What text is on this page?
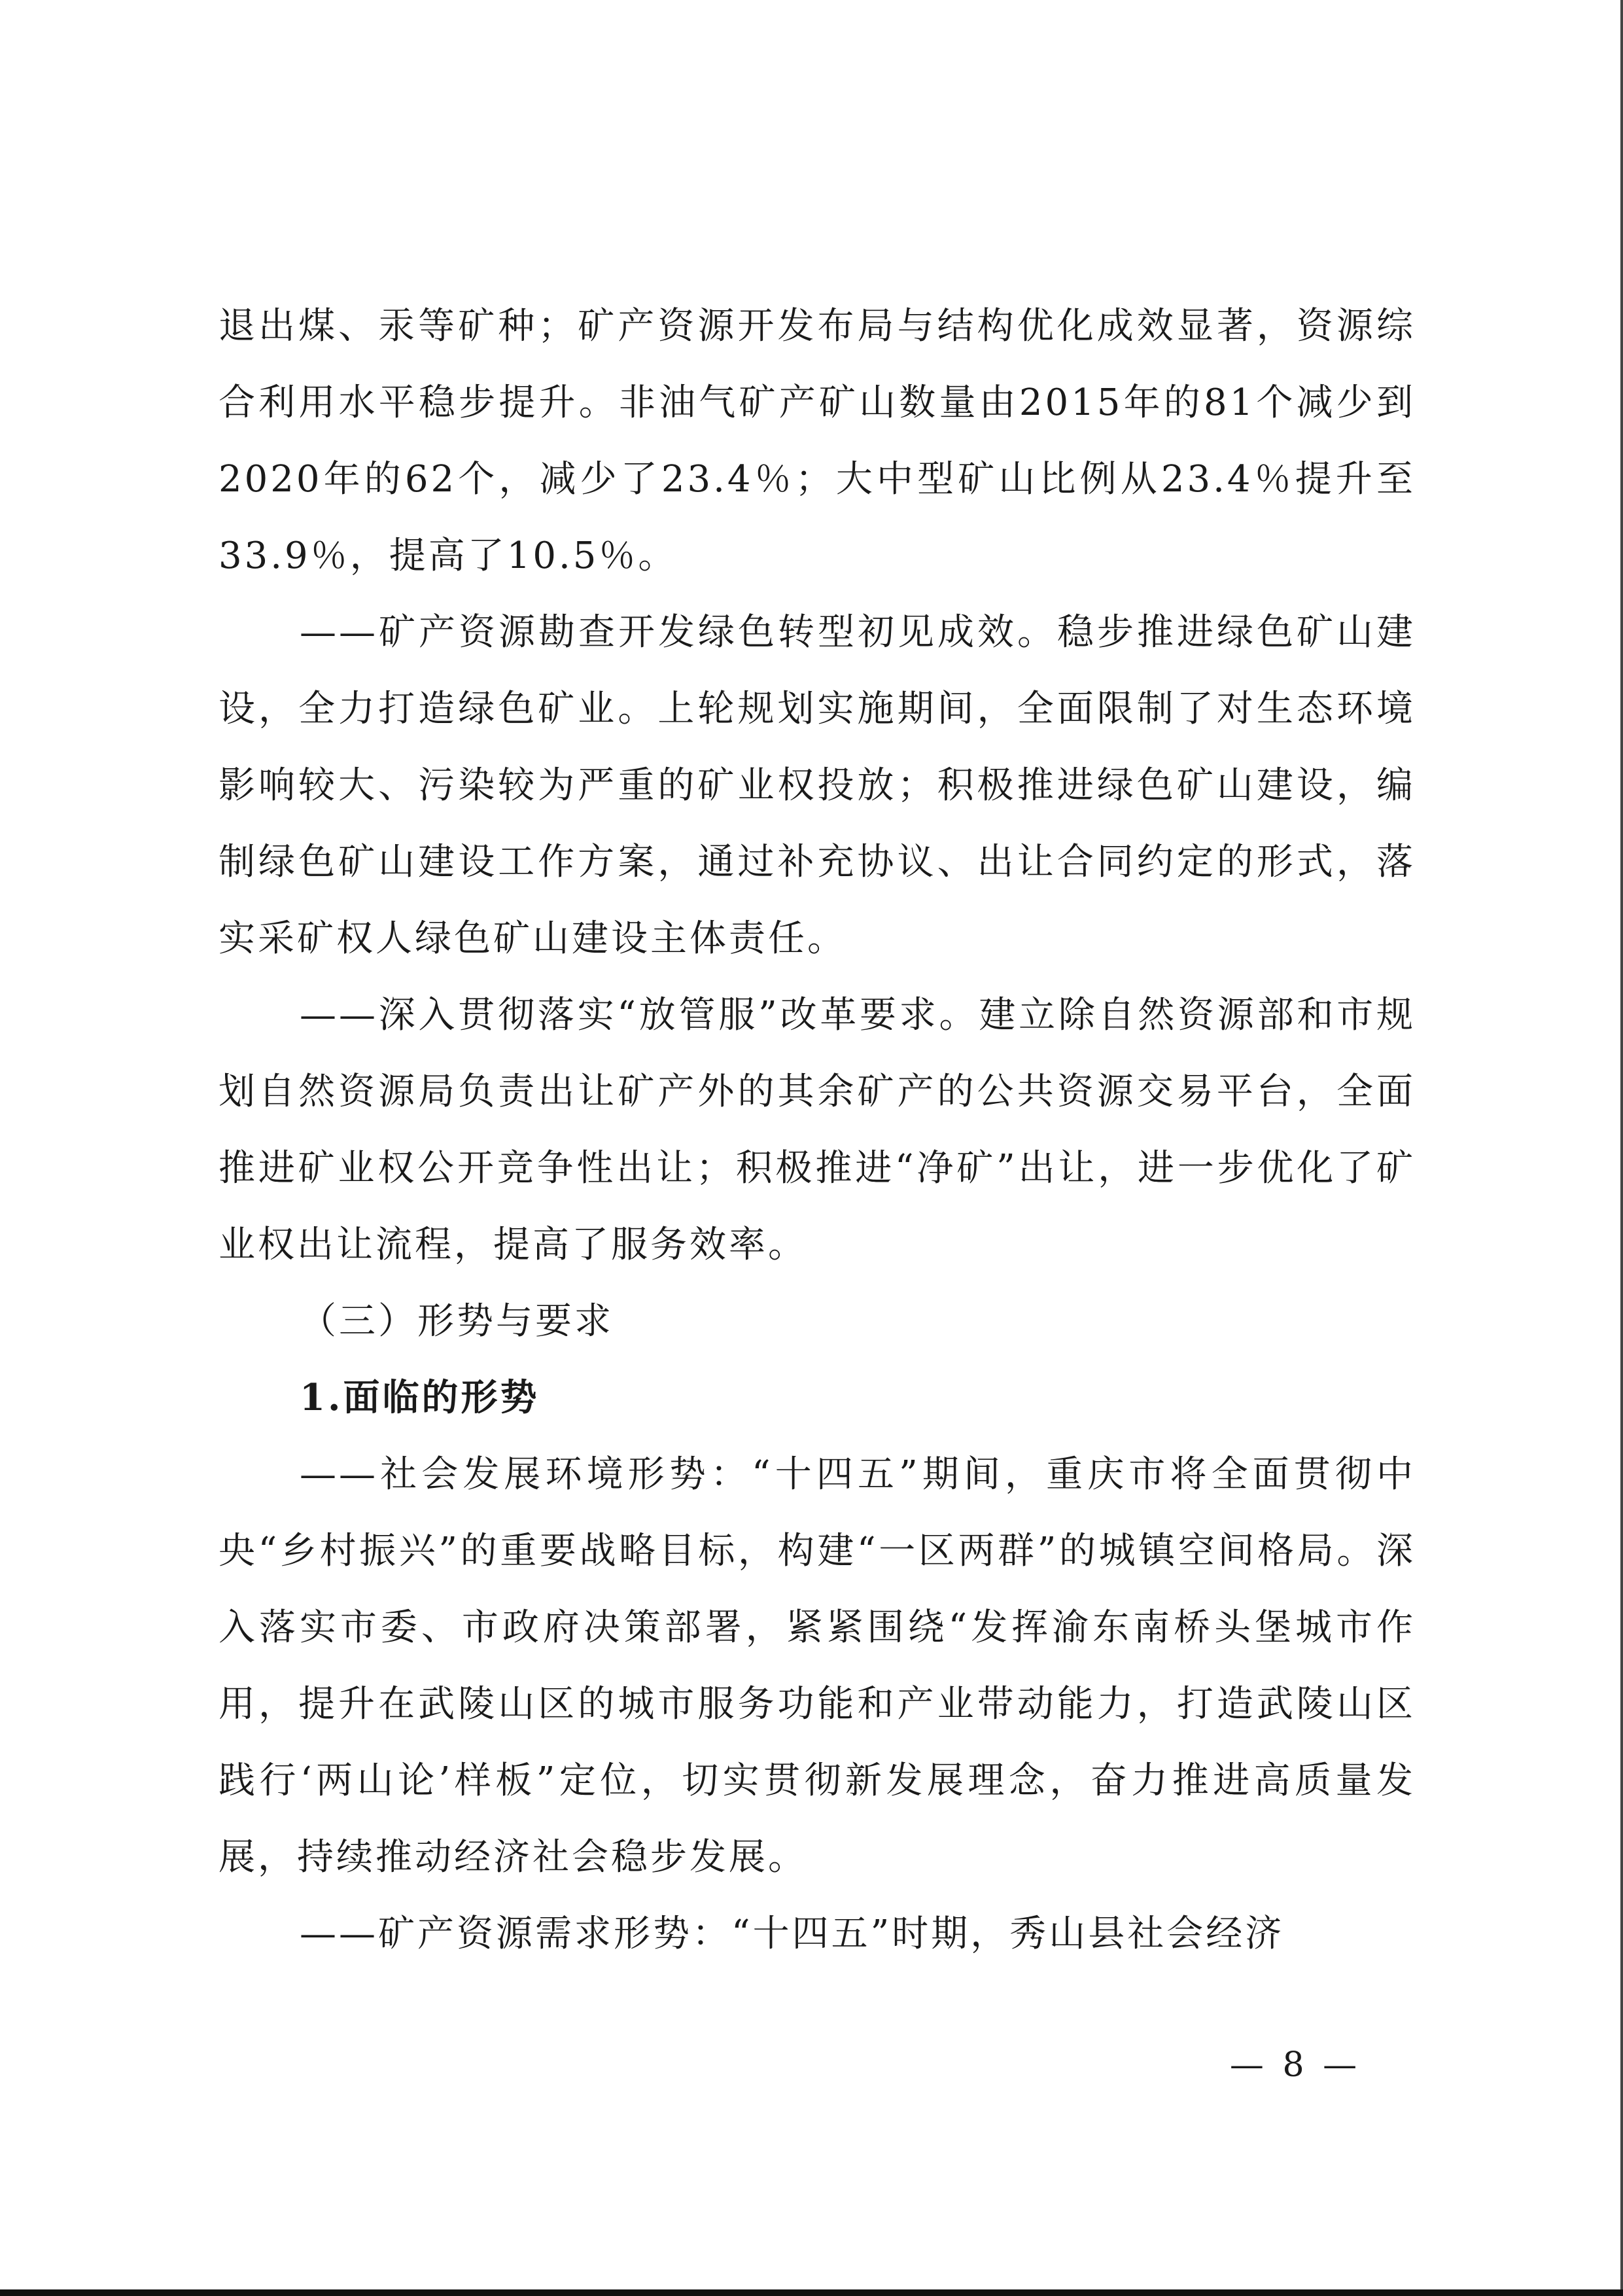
退出煤、汞等矿种；矿产资源开发布局与结构优化成效显著，资源综合利用水平稳步提升。非油气矿产矿山数量由2015年的81个减少到2020年的62个，减少了23.4％；大中型矿山比例从23.4％提升至33.9％，提高了10.5％。

——矿产资源勘查开发绿色转型初见成效。稳步推进绿色矿山建设，全力打造绿色矿业。上轮规划实施期间，全面限制了对生态环境影响较大、污染较为严重的矿业权投放；积极推进绿色矿山建设，编制绿色矿山建设工作方案，通过补充协议、出让合同约定的形式，落实采矿权人绿色矿山建设主体责任。

——深入贯彻落实“放管服”改革要求。建立除自然资源部和市规划自然资源局负责出让矿产外的其余矿产的公共资源交易平台，全面推进矿业权公开竞争性出让；积极推进“净矿”出让，进一步优化了矿业权出让流程，提高了服务效率。

（三）形势与要求

1.面临的形势

——社会发展环境形势：“十四五”期间，重庆市将全面贯彻中央“乡村振兴”的重要战略目标，构建“一区两群”的城镇空间格局。深入落实市委、市政府决策部署，紧紧围绕“发挥渝东南桥头堡城市作用，提升在武陵山区的城市服务功能和产业带动能力，打造武陵山区践行‘两山论’样板”定位，切实贯彻新发展理念，奋力推进高质量发展，持续推动经济社会稳步发展。

——矿产资源需求形势：“十四五”时期，秀山县社会经济

— 8 —
